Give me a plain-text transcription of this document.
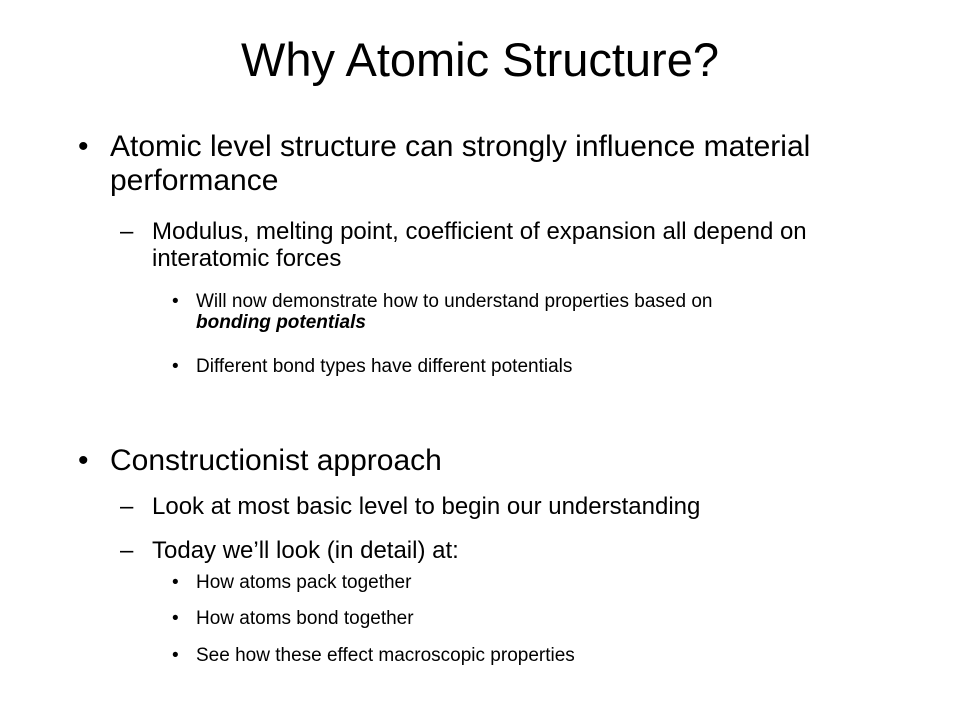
Why Atomic Structure?
• Atomic level structure can strongly influence material performance
– Modulus, melting point, coefficient of expansion all depend on interatomic forces
• Will now demonstrate how to understand properties based on bonding potentials
• Different bond types have different potentials
• Constructionist approach
– Look at most basic level to begin our understanding
– Today we’ll look (in detail) at:
• How atoms pack together
• How atoms bond together
• See how these effect macroscopic properties
